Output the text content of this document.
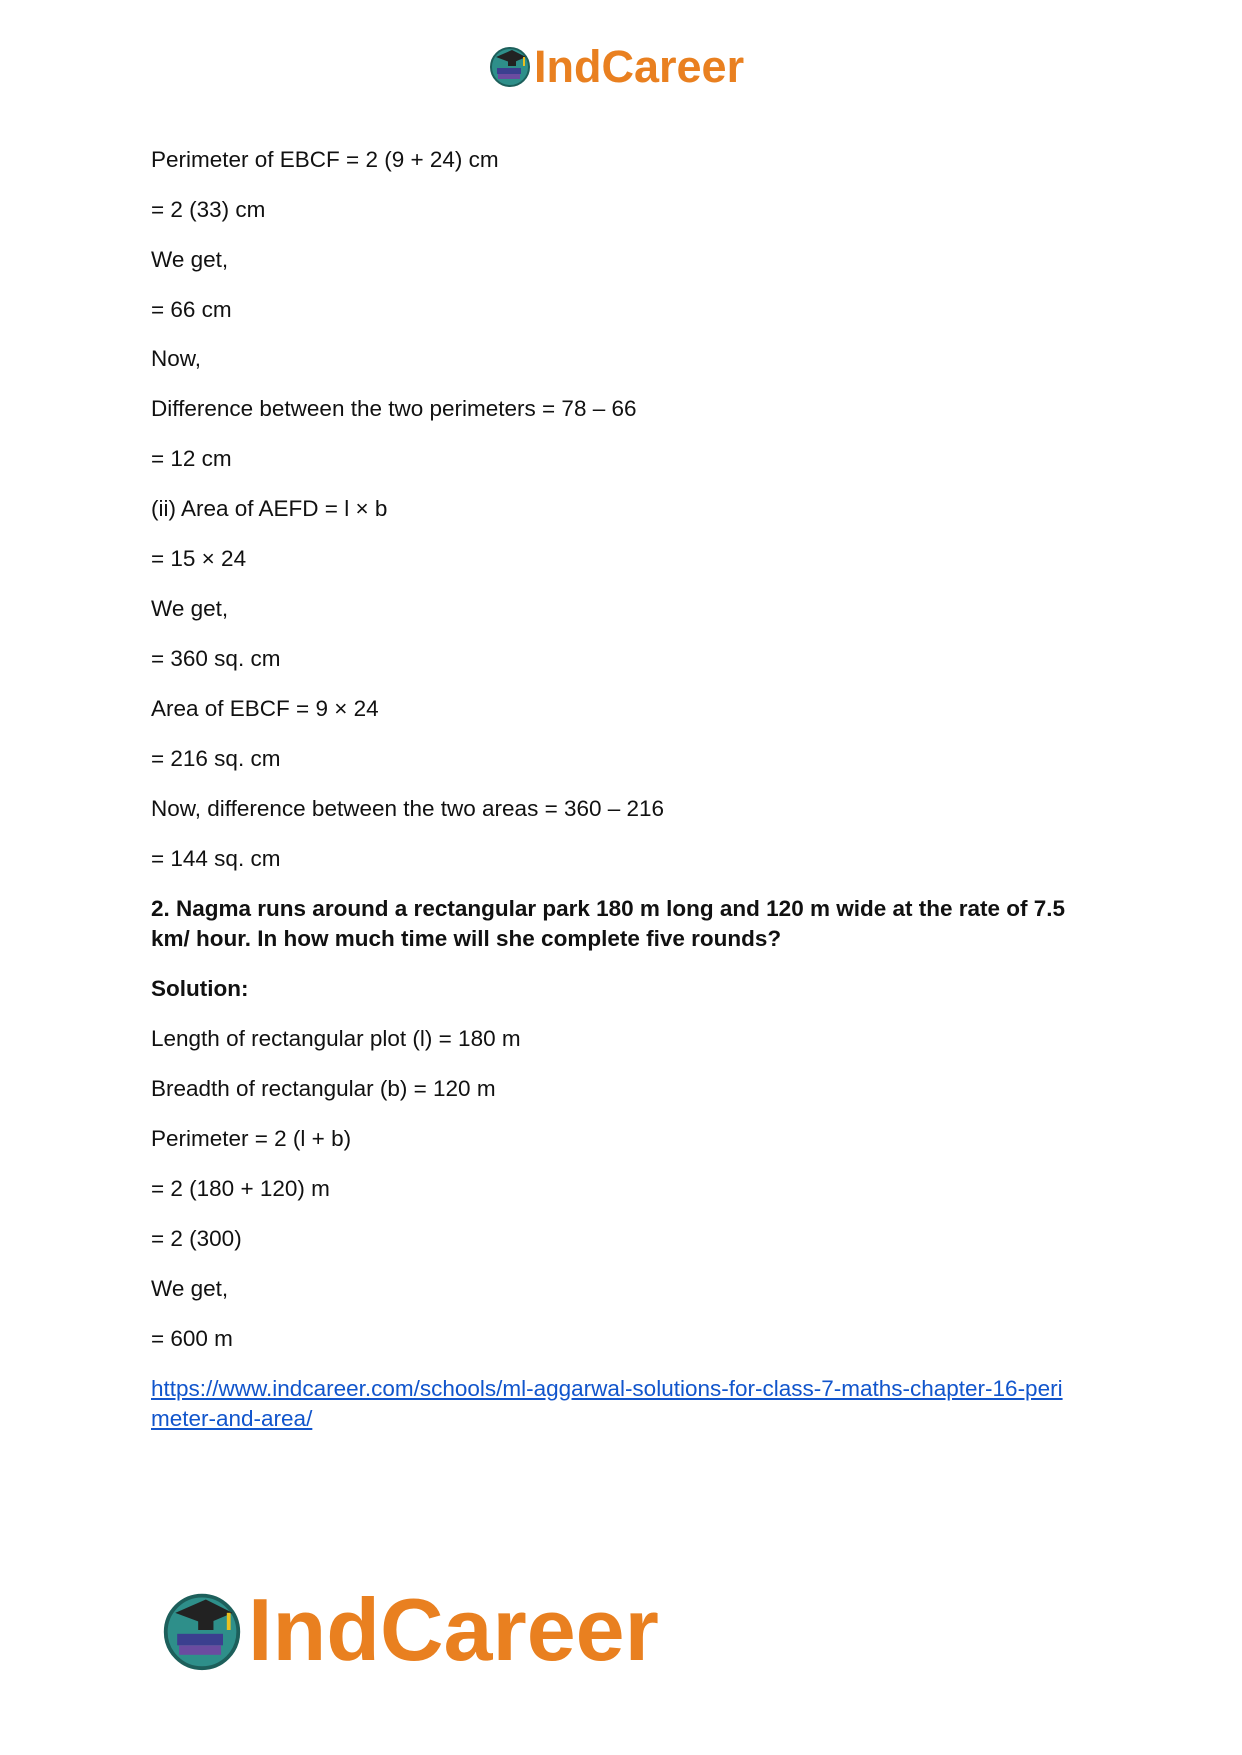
IndCareer
Perimeter of EBCF = 2 (9 + 24) cm
= 2 (33) cm
We get,
= 66 cm
Now,
Difference between the two perimeters = 78 – 66
= 12 cm
(ii) Area of AEFD = l × b
= 15 × 24
We get,
= 360 sq. cm
Area of EBCF = 9 × 24
= 216 sq. cm
Now, difference between the two areas = 360 – 216
= 144 sq. cm
2. Nagma runs around a rectangular park 180 m long and 120 m wide at the rate of 7.5
km/ hour. In how much time will she complete five rounds?
Solution:
Length of rectangular plot (l) = 180 m
Breadth of rectangular (b) = 120 m
Perimeter = 2 (l + b)
= 2 (180 + 120) m
= 2 (300)
We get,
= 600 m
https://www.indcareer.com/schools/ml-aggarwal-solutions-for-class-7-maths-chapter-16-peri
meter-and-area/
IndCareer
